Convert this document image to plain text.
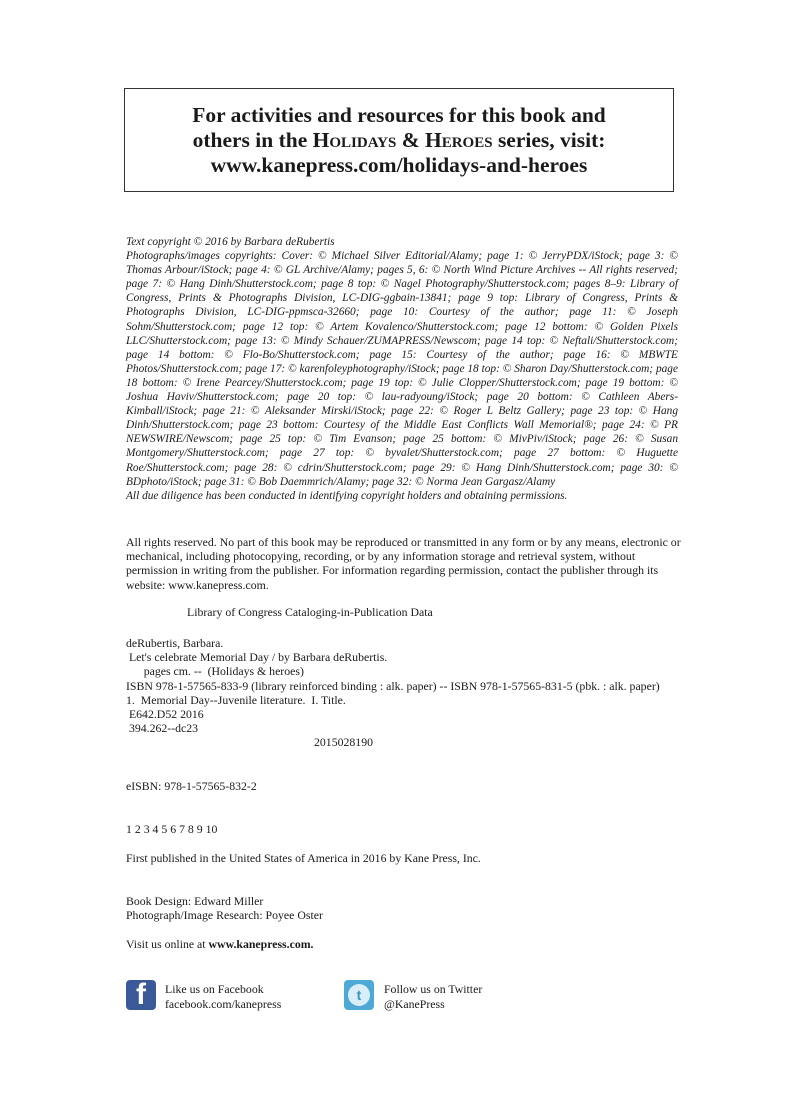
For activities and resources for this book and
others in the Holidays & Heroes series, visit:
www.kanepress.com/holidays-and-heroes

Text copyright © 2016 by Barbara deRubertis

Photographs/images copyrights: Cover: © Michael Silver Editorial/Alamy; page 1: © JerryPDX/iStock; page 3: © Thomas Arbour/iStock; page 4: © GL Archive/Alamy; pages 5, 6: © North Wind Picture Archives -- All rights reserved; page 7: © Hang Dinh/Shutterstock.com; page 8 top: © Nagel Photography/Shutterstock.com; pages 8–9: Library of Congress, Prints & Photographs Division, LC-DIG-ggbain-13841; page 9 top: Library of Congress, Prints & Photographs Division, LC-DIG-ppmsca-32660; page 10: Courtesy of the author; page 11: © Joseph Sohm/Shutterstock.com; page 12 top: © Artem Kovalenco/Shutterstock.com; page 12 bottom: © Golden Pixels LLC/Shutterstock.com; page 13: © Mindy Schauer/ZUMAPRESS/Newscom; page 14 top: © Neftali/Shutterstock.com; page 14 bottom: © Flo-Bo/Shutterstock.com; page 15: Courtesy of the author; page 16: © MBWTE Photos/Shutterstock.com; page 17: © karenfoleyphotography/iStock; page 18 top: © Sharon Day/Shutterstock.com; page 18 bottom: © Irene Pearcey/Shutterstock.com; page 19 top: © Julie Clopper/Shutterstock.com; page 19 bottom: © Joshua Haviv/Shutterstock.com; page 20 top: © lau-radyoung/iStock; page 20 bottom: © Cathleen Abers-Kimball/iStock; page 21: © Aleksander Mirski/iStock; page 22: © Roger L Beltz Gallery; page 23 top: © Hang Dinh/Shutterstock.com; page 23 bottom: Courtesy of the Middle East Conflicts Wall Memorial®; page 24: © PR NEWSWIRE/Newscom; page 25 top: © Tim Evanson; page 25 bottom: © MivPiv/iStock; page 26: © Susan Montgomery/Shutterstock.com; page 27 top: © byvalet/Shutterstock.com; page 27 bottom: © Huguette Roe/Shutterstock.com; page 28: © cdrin/Shutterstock.com; page 29: © Hang Dinh/Shutterstock.com; page 30: © BDphoto/iStock; page 31: © Bob Daemmrich/Alamy; page 32: © Norma Jean Gargasz/Alamy

All due diligence has been conducted in identifying copyright holders and obtaining permissions.

All rights reserved. No part of this book may be reproduced or transmitted in any form or by any means, electronic or mechanical, including photocopying, recording, or by any information storage and retrieval system, without permission in writing from the publisher. For information regarding permission, contact the publisher through its website: www.kanepress.com.
Library of Congress Cataloging-in-Publication Data
deRubertis, Barbara.
Let's celebrate Memorial Day / by Barbara deRubertis.
pages cm. --  (Holidays & heroes)
ISBN 978-1-57565-833-9 (library reinforced binding : alk. paper) -- ISBN 978-1-57565-831-5 (pbk. : alk. paper)
1.  Memorial Day--Juvenile literature.  I. Title.
E642.D52 2016
394.262--dc23
2015028190
eISBN: 978-1-57565-832-2
1 2 3 4 5 6 7 8 9 10
First published in the United States of America in 2016 by Kane Press, Inc.
Book Design: Edward Miller
Photograph/Image Research: Poyee Oster
Visit us online at www.kanepress.com.
f Like us on Facebook
facebook.com/kanepress
t	Follow us on Twitter
@KanePress
